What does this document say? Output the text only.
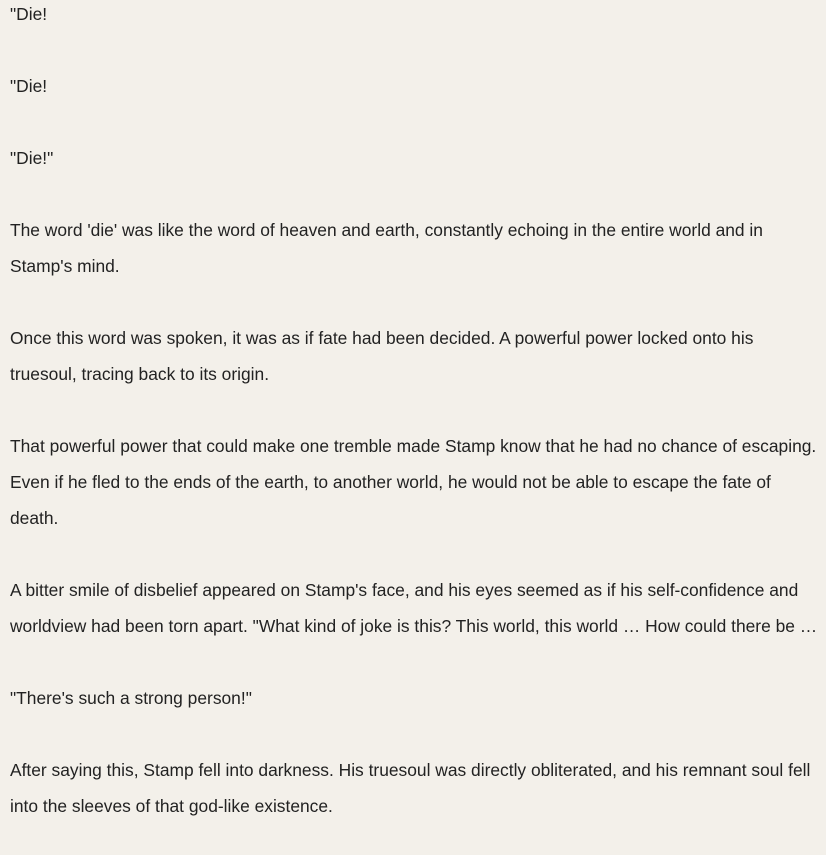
"Die!

"Die!

"Die!"

The word 'die' was like the word of heaven and earth, constantly echoing in the entire world and in Stamp's mind.

Once this word was spoken, it was as if fate had been decided. A powerful power locked onto his truesoul, tracing back to its origin.

That powerful power that could make one tremble made Stamp know that he had no chance of escaping. Even if he fled to the ends of the earth, to another world, he would not be able to escape the fate of death.

A bitter smile of disbelief appeared on Stamp's face, and his eyes seemed as if his self-confidence and worldview had been torn apart. "What kind of joke is this? This world, this world … How could there be …

"There's such a strong person!"

After saying this, Stamp fell into darkness. His truesoul was directly obliterated, and his remnant soul fell into the sleeves of that god-like existence.
